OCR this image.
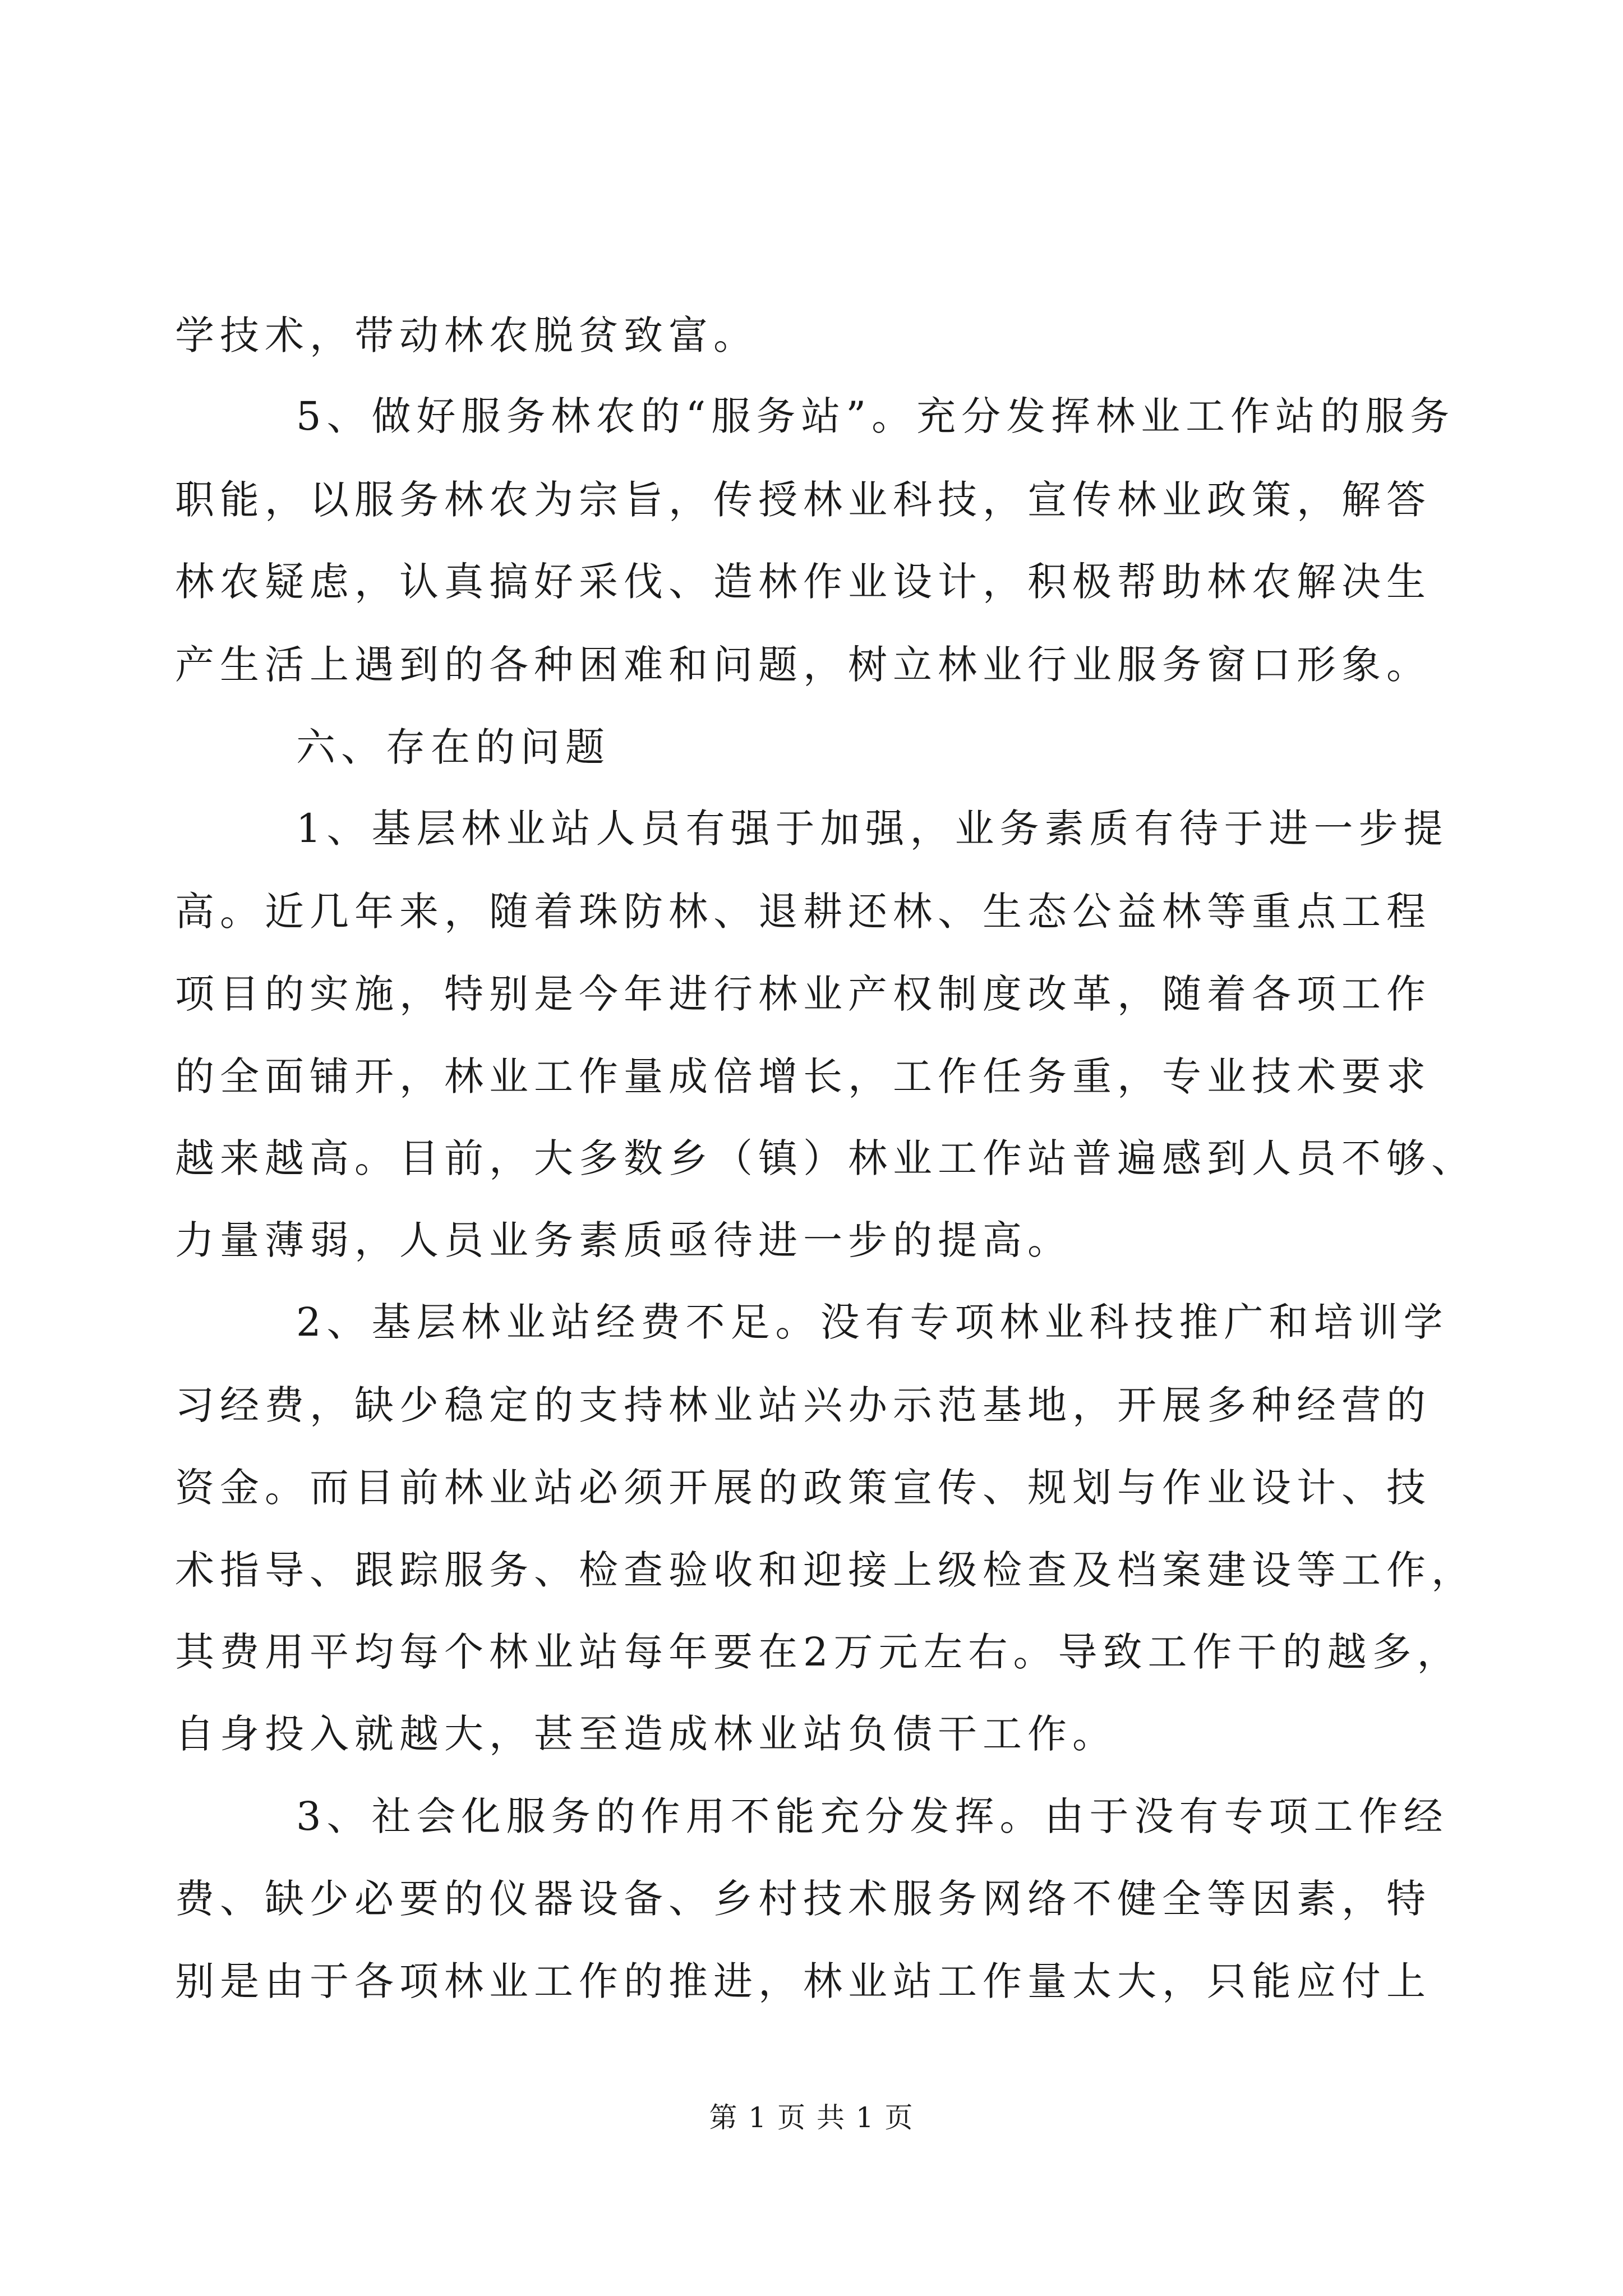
学技术，带动林农脱贫致富。

5、做好服务林农的“服务站”。充分发挥林业工作站的服务

职能，以服务林农为宗旨，传授林业科技，宣传林业政策，解答

林农疑虑，认真搞好采伐、造林作业设计，积极帮助林农解决生

产生活上遇到的各种困难和问题，树立林业行业服务窗口形象。

六、存在的问题

1、基层林业站人员有强于加强，业务素质有待于进一步提

高。近几年来，随着珠防林、退耕还林、生态公益林等重点工程

项目的实施，特别是今年进行林业产权制度改革，随着各项工作

的全面铺开，林业工作量成倍增长，工作任务重，专业技术要求

越来越高。目前，大多数乡（镇）林业工作站普遍感到人员不够、

力量薄弱，人员业务素质亟待进一步的提高。

2、基层林业站经费不足。没有专项林业科技推广和培训学

习经费，缺少稳定的支持林业站兴办示范基地，开展多种经营的

资金。而目前林业站必须开展的政策宣传、规划与作业设计、技

术指导、跟踪服务、检查验收和迎接上级检查及档案建设等工作，

其费用平均每个林业站每年要在2万元左右。导致工作干的越多，

自身投入就越大，甚至造成林业站负债干工作。

3、社会化服务的作用不能充分发挥。由于没有专项工作经

费、缺少必要的仪器设备、乡村技术服务网络不健全等因素，特

别是由于各项林业工作的推进，林业站工作量太大，只能应付上

第 1 页 共 1 页
